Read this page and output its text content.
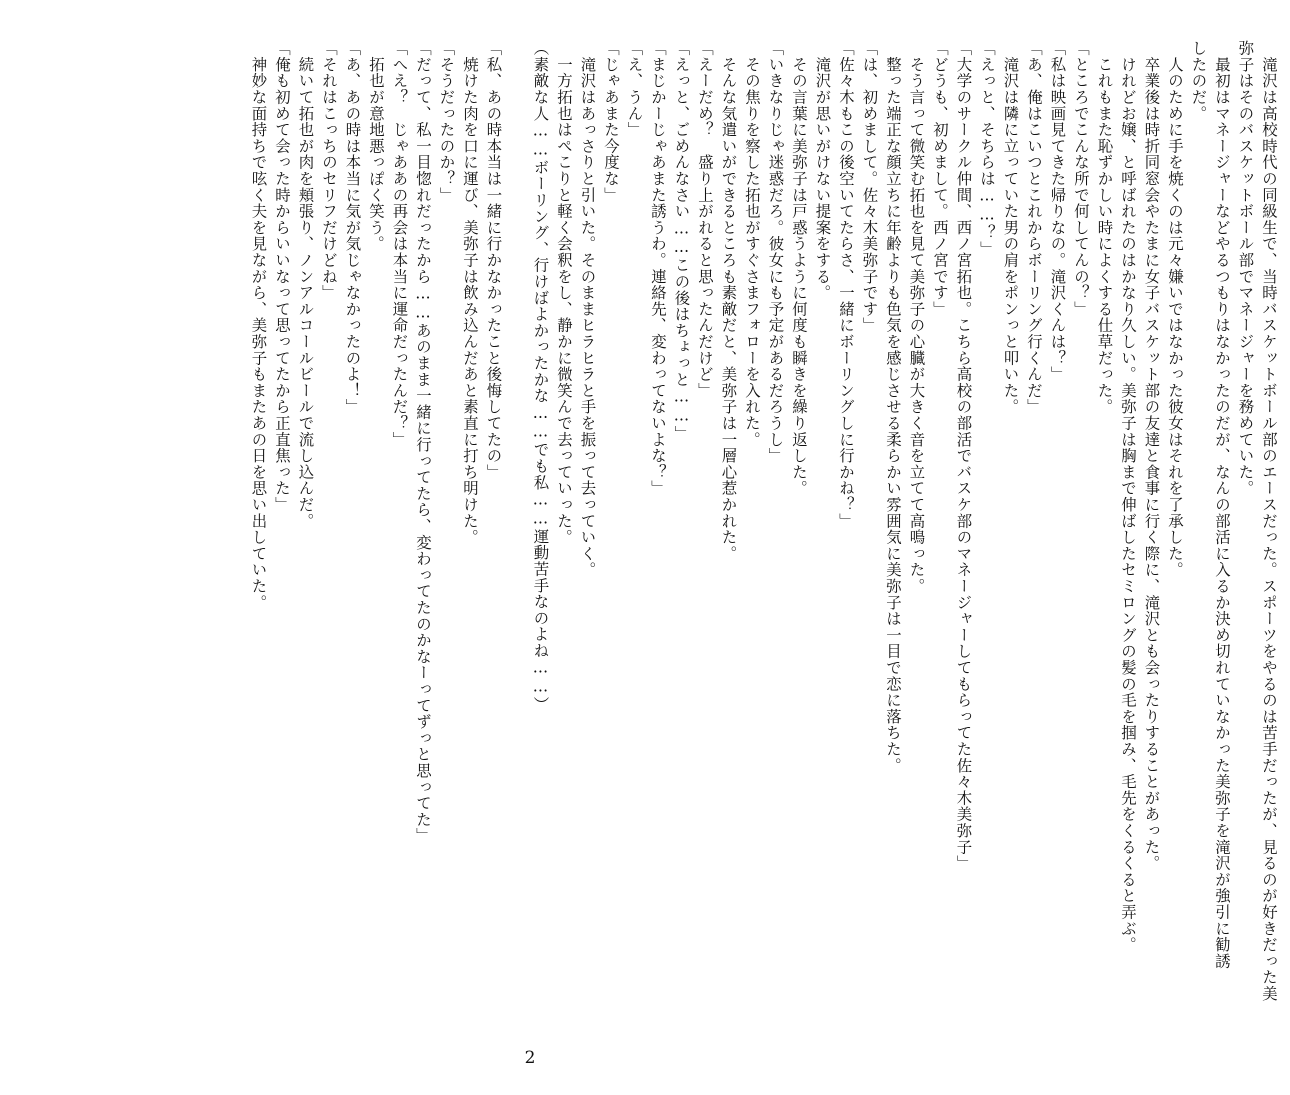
　滝沢は高校時代の同級生で、当時バスケットボール部のエースだった。スポーツをやるのは苦手だったが、見るのが好きだった美
弥子はそのバスケットボール部でマネージャーを務めていた。
　最初はマネージャーなどやるつもりはなかったのだが、なんの部活に入るか決め切れていなかった美弥子を滝沢が強引に勧誘
したのだ。
　人のために手を焼くのは元々嫌いではなかった彼女はそれを了承した。
　卒業後は時折同窓会やたまに女子バスケット部の友達と食事に行く際に、滝沢とも会ったりすることがあった。
　けれどお嬢、と呼ばれたのはかなり久しい。美弥子は胸まで伸ばしたセミロングの髪の毛を掴み、毛先をくるくると弄ぶ。
　これもまた恥ずかしい時によくする仕草だった。
「ところでこんな所で何してんの？」
「私は映画見てきた帰りなの。滝沢くんは？」
「あ、俺はこいつとこれからボーリング行くんだ」
　滝沢は隣に立っていた男の肩をポンっと叩いた。
「えっと、そちらは……？」
「大学のサークル仲間、西ノ宮拓也。こちら高校の部活でバスケ部のマネージャーしてもらってた佐々木美弥子」
「どうも、初めまして。西ノ宮です」
　そう言って微笑む拓也を見て美弥子の心臓が大きく音を立てて高鳴った。
　整った端正な顔立ちに年齢よりも色気を感じさせる柔らかい雰囲気に美弥子は一目で恋に落ちた。
「は、初めまして。佐々木美弥子です」
「佐々木もこの後空いてたらさ、一緒にボーリングしに行かね？」
　滝沢が思いがけない提案をする。
　その言葉に美弥子は戸惑うように何度も瞬きを繰り返した。
「いきなりじゃ迷惑だろ。彼女にも予定があるだろうし」
　その焦りを察した拓也がすぐさまフォローを入れた。
　そんな気遣いができるところも素敵だと、美弥子は一層心惹かれた。
「えーだめ？　盛り上がれると思ったんだけど」
「えっと、ごめんなさい……この後はちょっと……」
「まじかーじゃあまた誘うわ。連絡先、変わってないよな？」
「え、うん」
「じゃあまた今度な」
　滝沢はあっさりと引いた。そのままヒラヒラと手を振って去っていく。
　一方拓也はぺこりと軽く会釈をし、静かに微笑んで去っていった。
（素敵な人……ボーリング、行けばよかったかな……でも私……運動苦手なのよね……）
「私、あの時本当は一緒に行かなかったこと後悔してたの」
　焼けた肉を口に運び、美弥子は飲み込んだあと素直に打ち明けた。
「そうだったのか？」
「だって、私一目惚れだったから……あのまま一緒に行ってたら、変わってたのかなーってずっと思ってた」
「へえ？　じゃああの再会は本当に運命だったんだ？」
　拓也が意地悪っぽく笑う。
「あ、あの時は本当に気が気じゃなかったのよ！」
「それはこっちのセリフだけどね」
　続いて拓也が肉を頬張り、ノンアルコールビールで流し込んだ。
「俺も初めて会った時からいいなって思ってたから正直焦った」
　神妙な面持ちで呟く夫を見ながら、美弥子もまたあの日を思い出していた。
2
